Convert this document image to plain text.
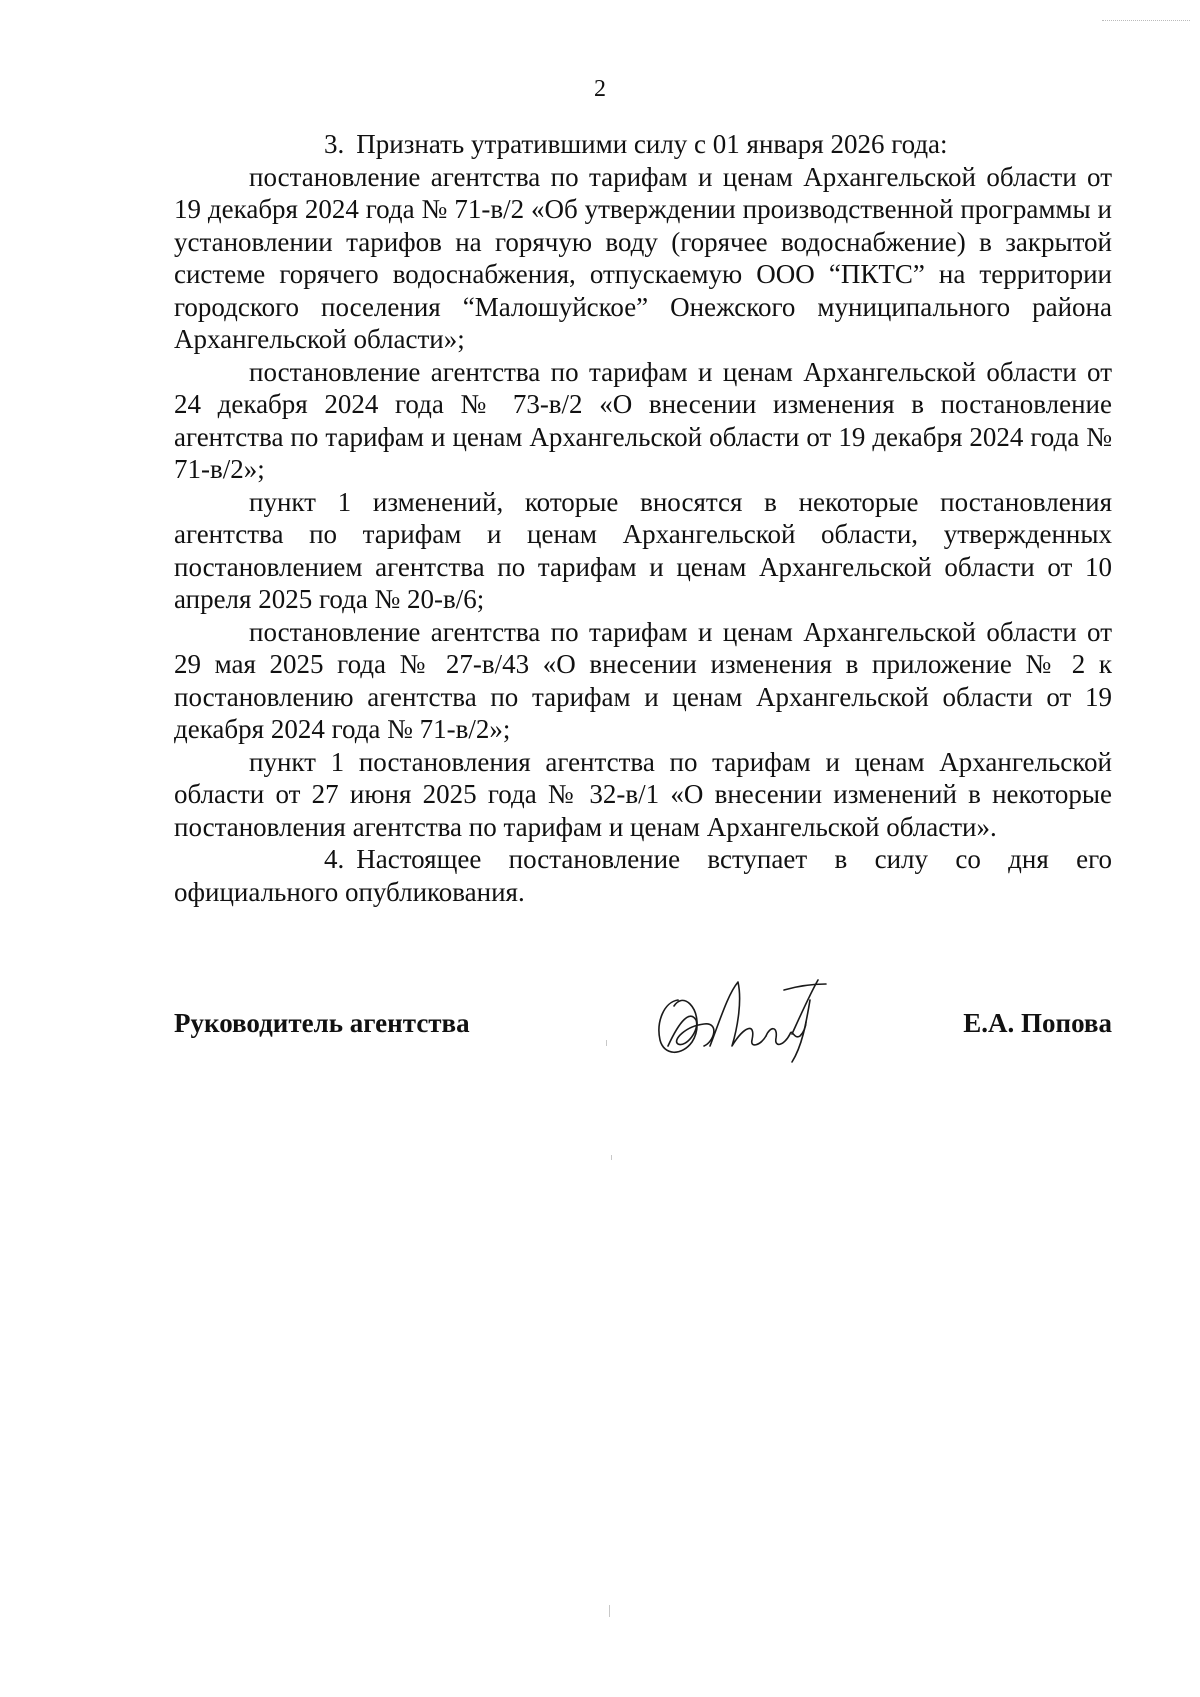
2

3. Признать утратившими силу с 01 января 2026 года:

постановление агентства по тарифам и ценам Архангельской области от 19 декабря 2024 года № 71-в/2 «Об утверждении производственной программы и установлении тарифов на горячую воду (горячее водоснабжение) в закрытой системе горячего водоснабжения, отпускаемую ООО “ПКТС” на территории городского поселения “Малошуйское” Онежского муниципального района Архангельской области»;

постановление агентства по тарифам и ценам Архангельской области от 24 декабря 2024 года № 73-в/2 «О внесении изменения в постановление агентства по тарифам и ценам Архангельской области от 19 декабря 2024 года № 71-в/2»;

пункт 1 изменений, которые вносятся в некоторые постановления агентства по тарифам и ценам Архангельской области, утвержденных постановлением агентства по тарифам и ценам Архангельской области от 10 апреля 2025 года № 20-в/6;

постановление агентства по тарифам и ценам Архангельской области от 29 мая 2025 года № 27-в/43 «О внесении изменения в приложение № 2 к постановлению агентства по тарифам и ценам Архангельской области от 19 декабря 2024 года № 71-в/2»;

пункт 1 постановления агентства по тарифам и ценам Архангельской области от 27 июня 2025 года № 32-в/1 «О внесении изменений в некоторые постановления агентства по тарифам и ценам Архангельской области».

4. Настоящее постановление вступает в силу со дня его официального опубликования.

Руководитель агентства	Е.А. Попова
